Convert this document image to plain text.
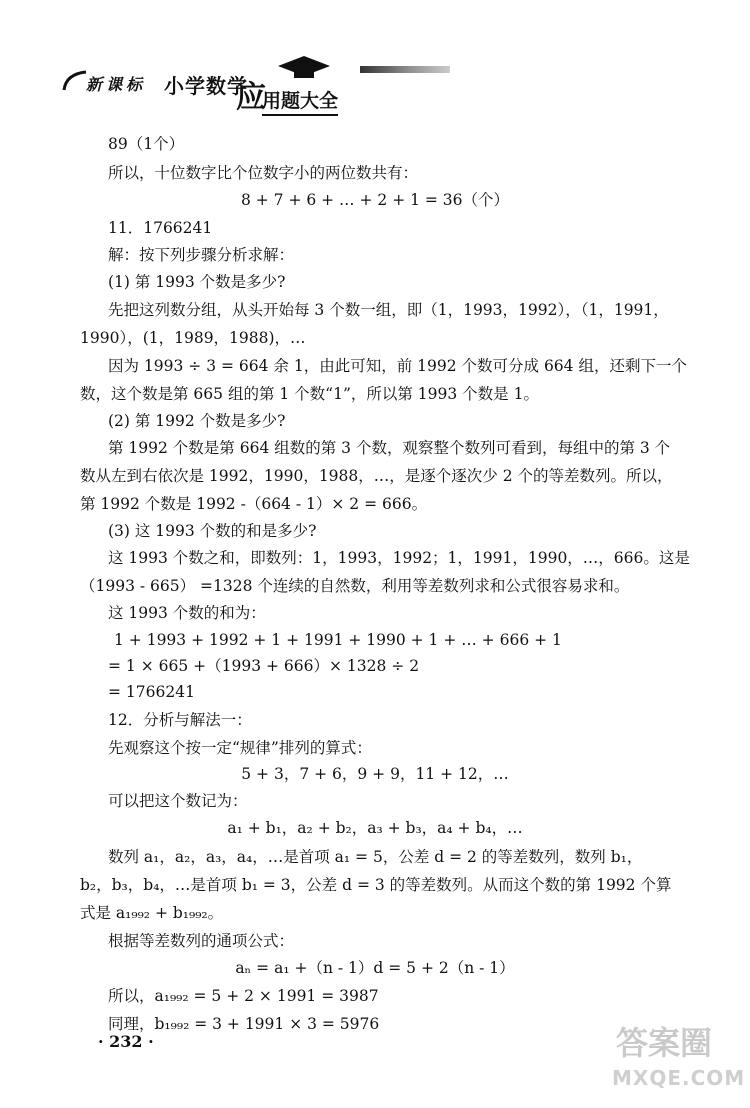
新课标 小学数学
应
用题大全
89（1个）
所以，十位数字比个位数字小的两位数共有：
8 + 7 + 6 + … + 2 + 1 = 36（个）
11．1766241
解：按下列步骤分析求解：
(1) 第 1993 个数是多少?
先把这列数分组，从头开始每 3 个数一组，即（1，1993，1992），（1，1991，
1990），(1，1989，1988)，…
因为 1993 ÷ 3 = 664 余 1，由此可知，前 1992 个数可分成 664 组，还剩下一个
数，这个数是第 665 组的第 1 个数“1”，所以第 1993 个数是 1。
(2) 第 1992 个数是多少?
第 1992 个数是第 664 组数的第 3 个数，观察整个数列可看到，每组中的第 3 个
数从左到右依次是 1992，1990，1988，…，是逐个逐次少 2 个的等差数列。所以，
第 1992 个数是 1992 -（664 - 1）× 2 = 666。
(3) 这 1993 个数的和是多少?
这 1993 个数之和，即数列：1，1993，1992；1，1991，1990，…，666。这是
（1993 - 665） =1328 个连续的自然数，利用等差数列求和公式很容易求和。
这 1993 个数的和为：
1 + 1993 + 1992 + 1 + 1991 + 1990 + 1 + … + 666 + 1
= 1 × 665 +（1993 + 666）× 1328 ÷ 2
= 1766241
12．分析与解法一：
先观察这个按一定“规律”排列的算式：
5 + 3，7 + 6，9 + 9，11 + 12，…
可以把这个数记为：
a₁ + b₁，a₂ + b₂，a₃ + b₃，a₄ + b₄，…
数列 a₁，a₂，a₃，a₄，…是首项 a₁ = 5，公差 d = 2 的等差数列，数列 b₁，
b₂，b₃，b₄，…是首项 b₁ = 3，公差 d = 3 的等差数列。从而这个数的第 1992 个算
式是 a₁₉₉₂ + b₁₉₉₂。
根据等差数列的通项公式：
aₙ = a₁ +（n - 1）d = 5 + 2（n - 1）
所以，a₁₉₉₂ = 5 + 2 × 1991 = 3987
同理，b₁₉₉₂ = 3 + 1991 × 3 = 5976
· 232 ·	答案圈
MXQE.COM
